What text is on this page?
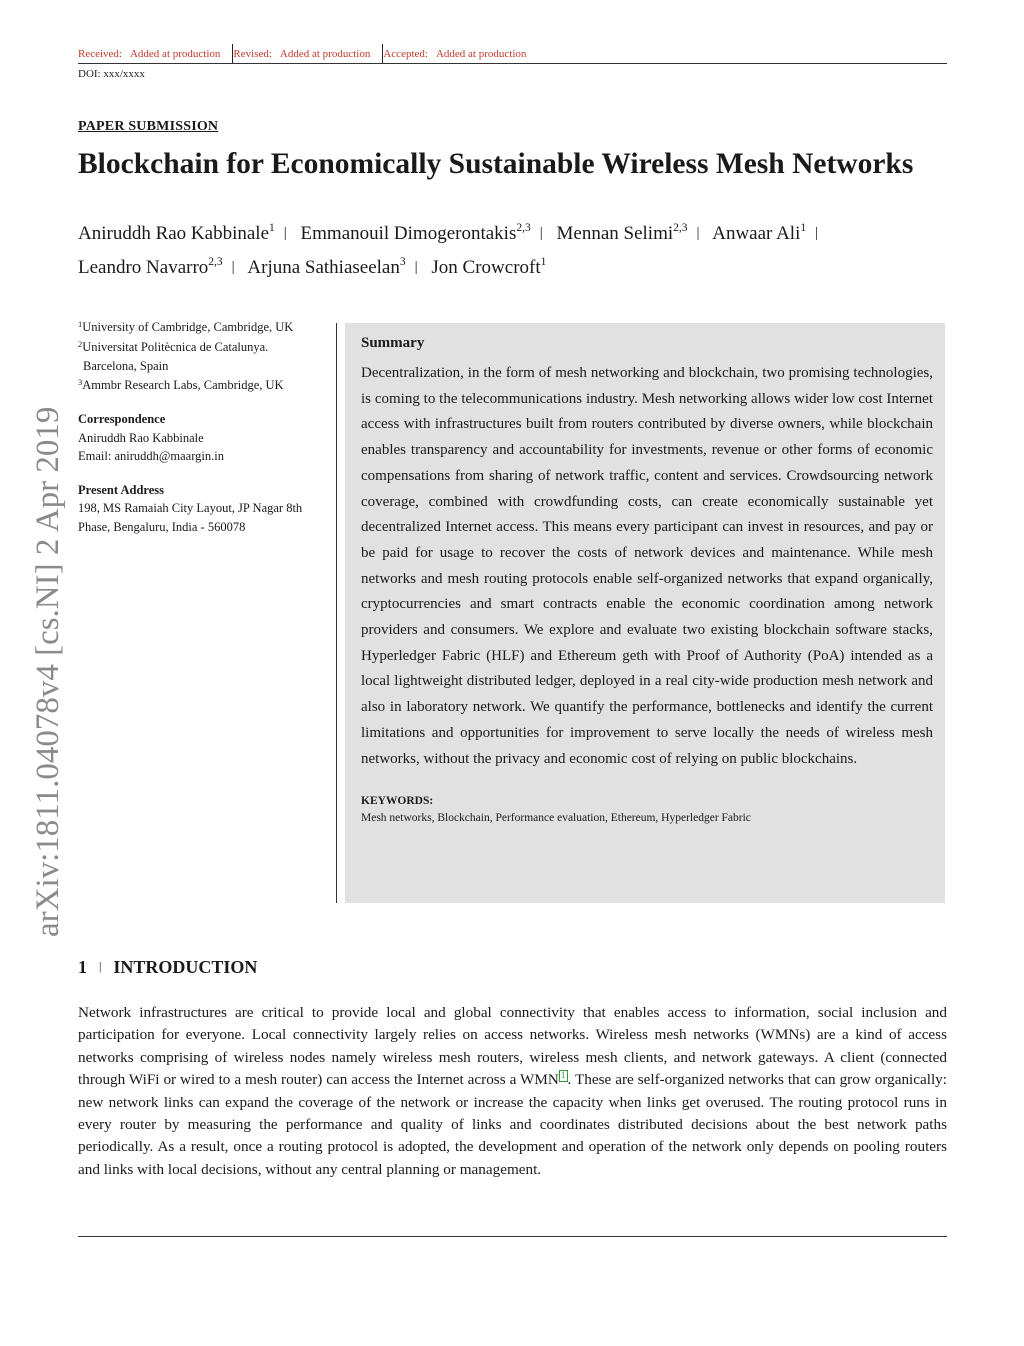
Received: Added at production	Revised: Added at production	Accepted: Added at production
DOI: xxx/xxxx
PAPER SUBMISSION
Blockchain for Economically Sustainable Wireless Mesh Networks
Aniruddh Rao Kabbinale$^1$ | Emmanouil Dimogerontakis$^{2,3}$ | Mennan Selimi$^{2,3}$ | Anwaar Ali$^1$ | Leandro Navarro$^{2,3}$ | Arjuna Sathiaseelan$^3$ | Jon Crowcroft$^1$
$^1$University of Cambridge, Cambridge, UK
$^2$Universitat Politècnica de Catalunya.
Barcelona, Spain
$^3$Ammbr Research Labs, Cambridge, UK
Correspondence
Aniruddh Rao Kabbinale
Email: aniruddh@maargin.in
Present Address
198, MS Ramaiah City Layout, JP Nagar 8th
Phase, Bengaluru, India - 560078
Summary

Decentralization, in the form of mesh networking and blockchain, two promising technologies, is coming to the telecommunications industry. Mesh networking allows wider low cost Internet access with infrastructures built from routers contributed by diverse owners, while blockchain enables transparency and accountability for investments, revenue or other forms of economic compensations from sharing of network traffic, content and services. Crowdsourcing network coverage, combined with crowdfunding costs, can create economically sustainable yet decentralized Internet access. This means every participant can invest in resources, and pay or be paid for usage to recover the costs of network devices and maintenance. While mesh networks and mesh routing protocols enable self-organized networks that expand organically, cryptocurrencies and smart contracts enable the economic coordination among network providers and consumers. We explore and evaluate two existing blockchain software stacks, Hyperledger Fabric (HLF) and Ethereum geth with Proof of Authority (PoA) intended as a local lightweight distributed ledger, deployed in a real city-wide production mesh network and also in laboratory network. We quantify the performance, bottlenecks and identify the current limitations and opportunities for improvement to serve locally the needs of wireless mesh networks, without the privacy and economic cost of relying on public blockchains.

KEYWORDS:
Mesh networks, Blockchain, Performance evaluation, Ethereum, Hyperledger Fabric
arXiv:1811.04078v4 [cs.NI] 2 Apr 2019
1 | INTRODUCTION

Network infrastructures are critical to provide local and global connectivity that enables access to information, social inclusion and participation for everyone. Local connectivity largely relies on access networks. Wireless mesh networks (WMNs) are a kind of access networks comprising of wireless nodes namely wireless mesh routers, wireless mesh clients, and network gateways. A client (connected through WiFi or wired to a mesh router) can access the Internet across a WMN 1 . These are self-organized networks that can grow organically: new network links can expand the coverage of the network or increase the capacity when links get overused. The routing protocol runs in every router by measuring the performance and quality of links and coordinates distributed decisions about the best network paths periodically. As a result, once a routing protocol is adopted, the development and operation of the network only depends on pooling routers and links with local decisions, without any central planning or management.
